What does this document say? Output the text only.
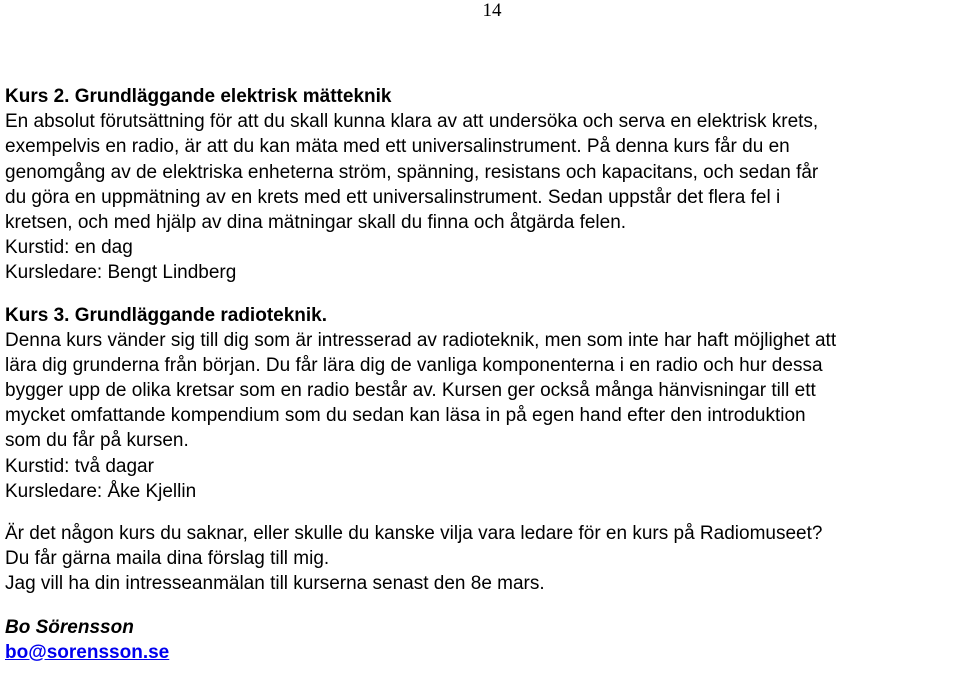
14
Kurs 2. Grundläggande elektrisk mätteknik
En absolut förutsättning för att du skall kunna klara av att undersöka och serva en elektrisk krets,
exempelvis en radio, är att du kan mäta med ett universalinstrument. På denna kurs får du en
genomgång av de elektriska enheterna ström, spänning, resistans och kapacitans, och sedan får
du göra en uppmätning av en krets med ett universalinstrument. Sedan uppstår det flera fel i
kretsen, och med hjälp av dina mätningar skall du finna och åtgärda felen.
Kurstid: en dag
Kursledare: Bengt Lindberg
Kurs 3. Grundläggande radioteknik.
Denna kurs vänder sig till dig som är intresserad av radioteknik, men som inte har haft möjlighet att
lära dig grunderna från början. Du får lära dig de vanliga komponenterna i en radio och hur dessa
bygger upp de olika kretsar som en radio består av. Kursen ger också många hänvisningar till ett
mycket omfattande kompendium som du sedan kan läsa in på egen hand efter den introduktion
som du får på kursen.
Kurstid: två dagar
Kursledare: Åke Kjellin
Är det någon kurs du saknar, eller skulle du kanske vilja vara ledare för en kurs på Radiomuseet?
Du får gärna maila dina förslag till mig.
Jag vill ha din intresseanmälan till kurserna senast den 8e mars.
Bo Sörensson
bo@sorensson.se
